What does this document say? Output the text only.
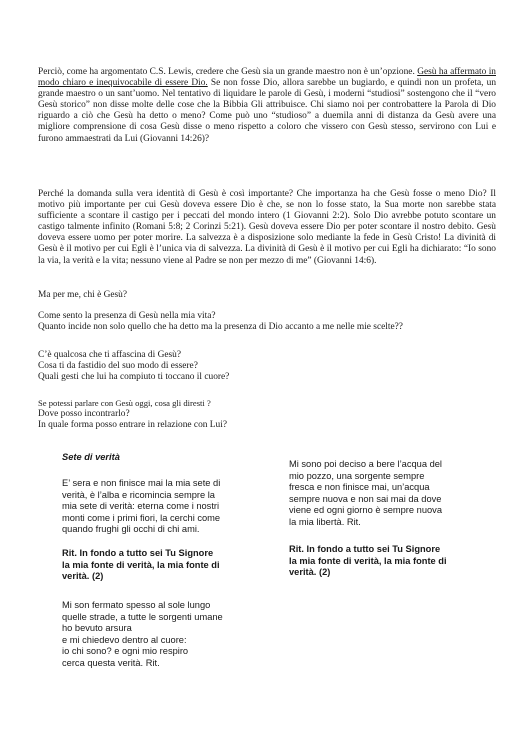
Perciò, come ha argomentato C.S. Lewis, credere che Gesù sia un grande maestro non è un’opzione. Gesù ha affermato in modo chiaro e inequivocabile di essere Dio. Se non fosse Dio, allora sarebbe un bugiardo, e quindi non un profeta, un grande maestro o un sant’uomo. Nel tentativo di liquidare le parole di Gesù, i moderni “studiosi” sostengono che il “vero Gesù storico” non disse molte delle cose che la Bibbia Gli attribuisce. Chi siamo noi per controbattere la Parola di Dio riguardo a ciò che Gesù ha detto o meno? Come può uno “studioso” a duemila anni di distanza da Gesù avere una migliore comprensione di cosa Gesù disse o meno rispetto a coloro che vissero con Gesù stesso, servirono con Lui e furono ammaestrati da Lui (Giovanni 14:26)?

Perché la domanda sulla vera identità di Gesù è così importante? Che importanza ha che Gesù fosse o meno Dio? Il motivo più importante per cui Gesù doveva essere Dio è che, se non lo fosse stato, la Sua morte non sarebbe stata sufficiente a scontare il castigo per i peccati del mondo intero (1 Giovanni 2:2). Solo Dio avrebbe potuto scontare un castigo talmente infinito (Romani 5:8; 2 Corinzi 5:21). Gesù doveva essere Dio per poter scontare il nostro debito. Gesù doveva essere uomo per poter morire. La salvezza è a disposizione solo mediante la fede in Gesù Cristo! La divinità di Gesù è il motivo per cui Egli è l’unica via di salvezza. La divinità di Gesù è il motivo per cui Egli ha dichiarato: “Io sono la via, la verità e la vita; nessuno viene al Padre se non per mezzo di me” (Giovanni 14:6).

Ma per me, chi è Gesù?

Come sento la presenza di Gesù nella mia vita?
Quanto incide non solo quello che ha detto ma la presenza di Dio accanto a me nelle mie scelte??

C’è qualcosa che ti affascina di Gesù?
Cosa ti da fastidio del suo modo di essere?
Quali gesti che lui ha compiuto ti toccano il cuore?

Se potessi parlare con Gesù oggi, cosa gli diresti ?
Dove posso incontrarlo?
In quale forma posso entrare in relazione con Lui?

Sete di verità

E’ sera e non finisce mai la mia sete di
verità, è l’alba e ricomincia sempre la
mia sete di verità: eterna come i nostri
monti come i primi fiori, la cerchi come
quando frughi gli occhi di chi ami.

Rit. In fondo a tutto sei Tu Signore
la mia fonte di verità, la mia fonte di
verità. (2)

Mi son fermato spesso al sole lungo
quelle strade, a tutte le sorgenti umane
ho bevuto arsura
e mi chiedevo dentro al cuore:
io chi sono? e ogni mio respiro
cerca questa verità. Rit.

Mi sono poi deciso a bere l’acqua del
mio pozzo, una sorgente sempre
fresca e non finisce mai, un’acqua
sempre nuova e non sai mai da dove
viene ed ogni giorno è sempre nuova
la mia libertà. Rit.

Rit. In fondo a tutto sei Tu Signore
la mia fonte di verità, la mia fonte di
verità. (2)
